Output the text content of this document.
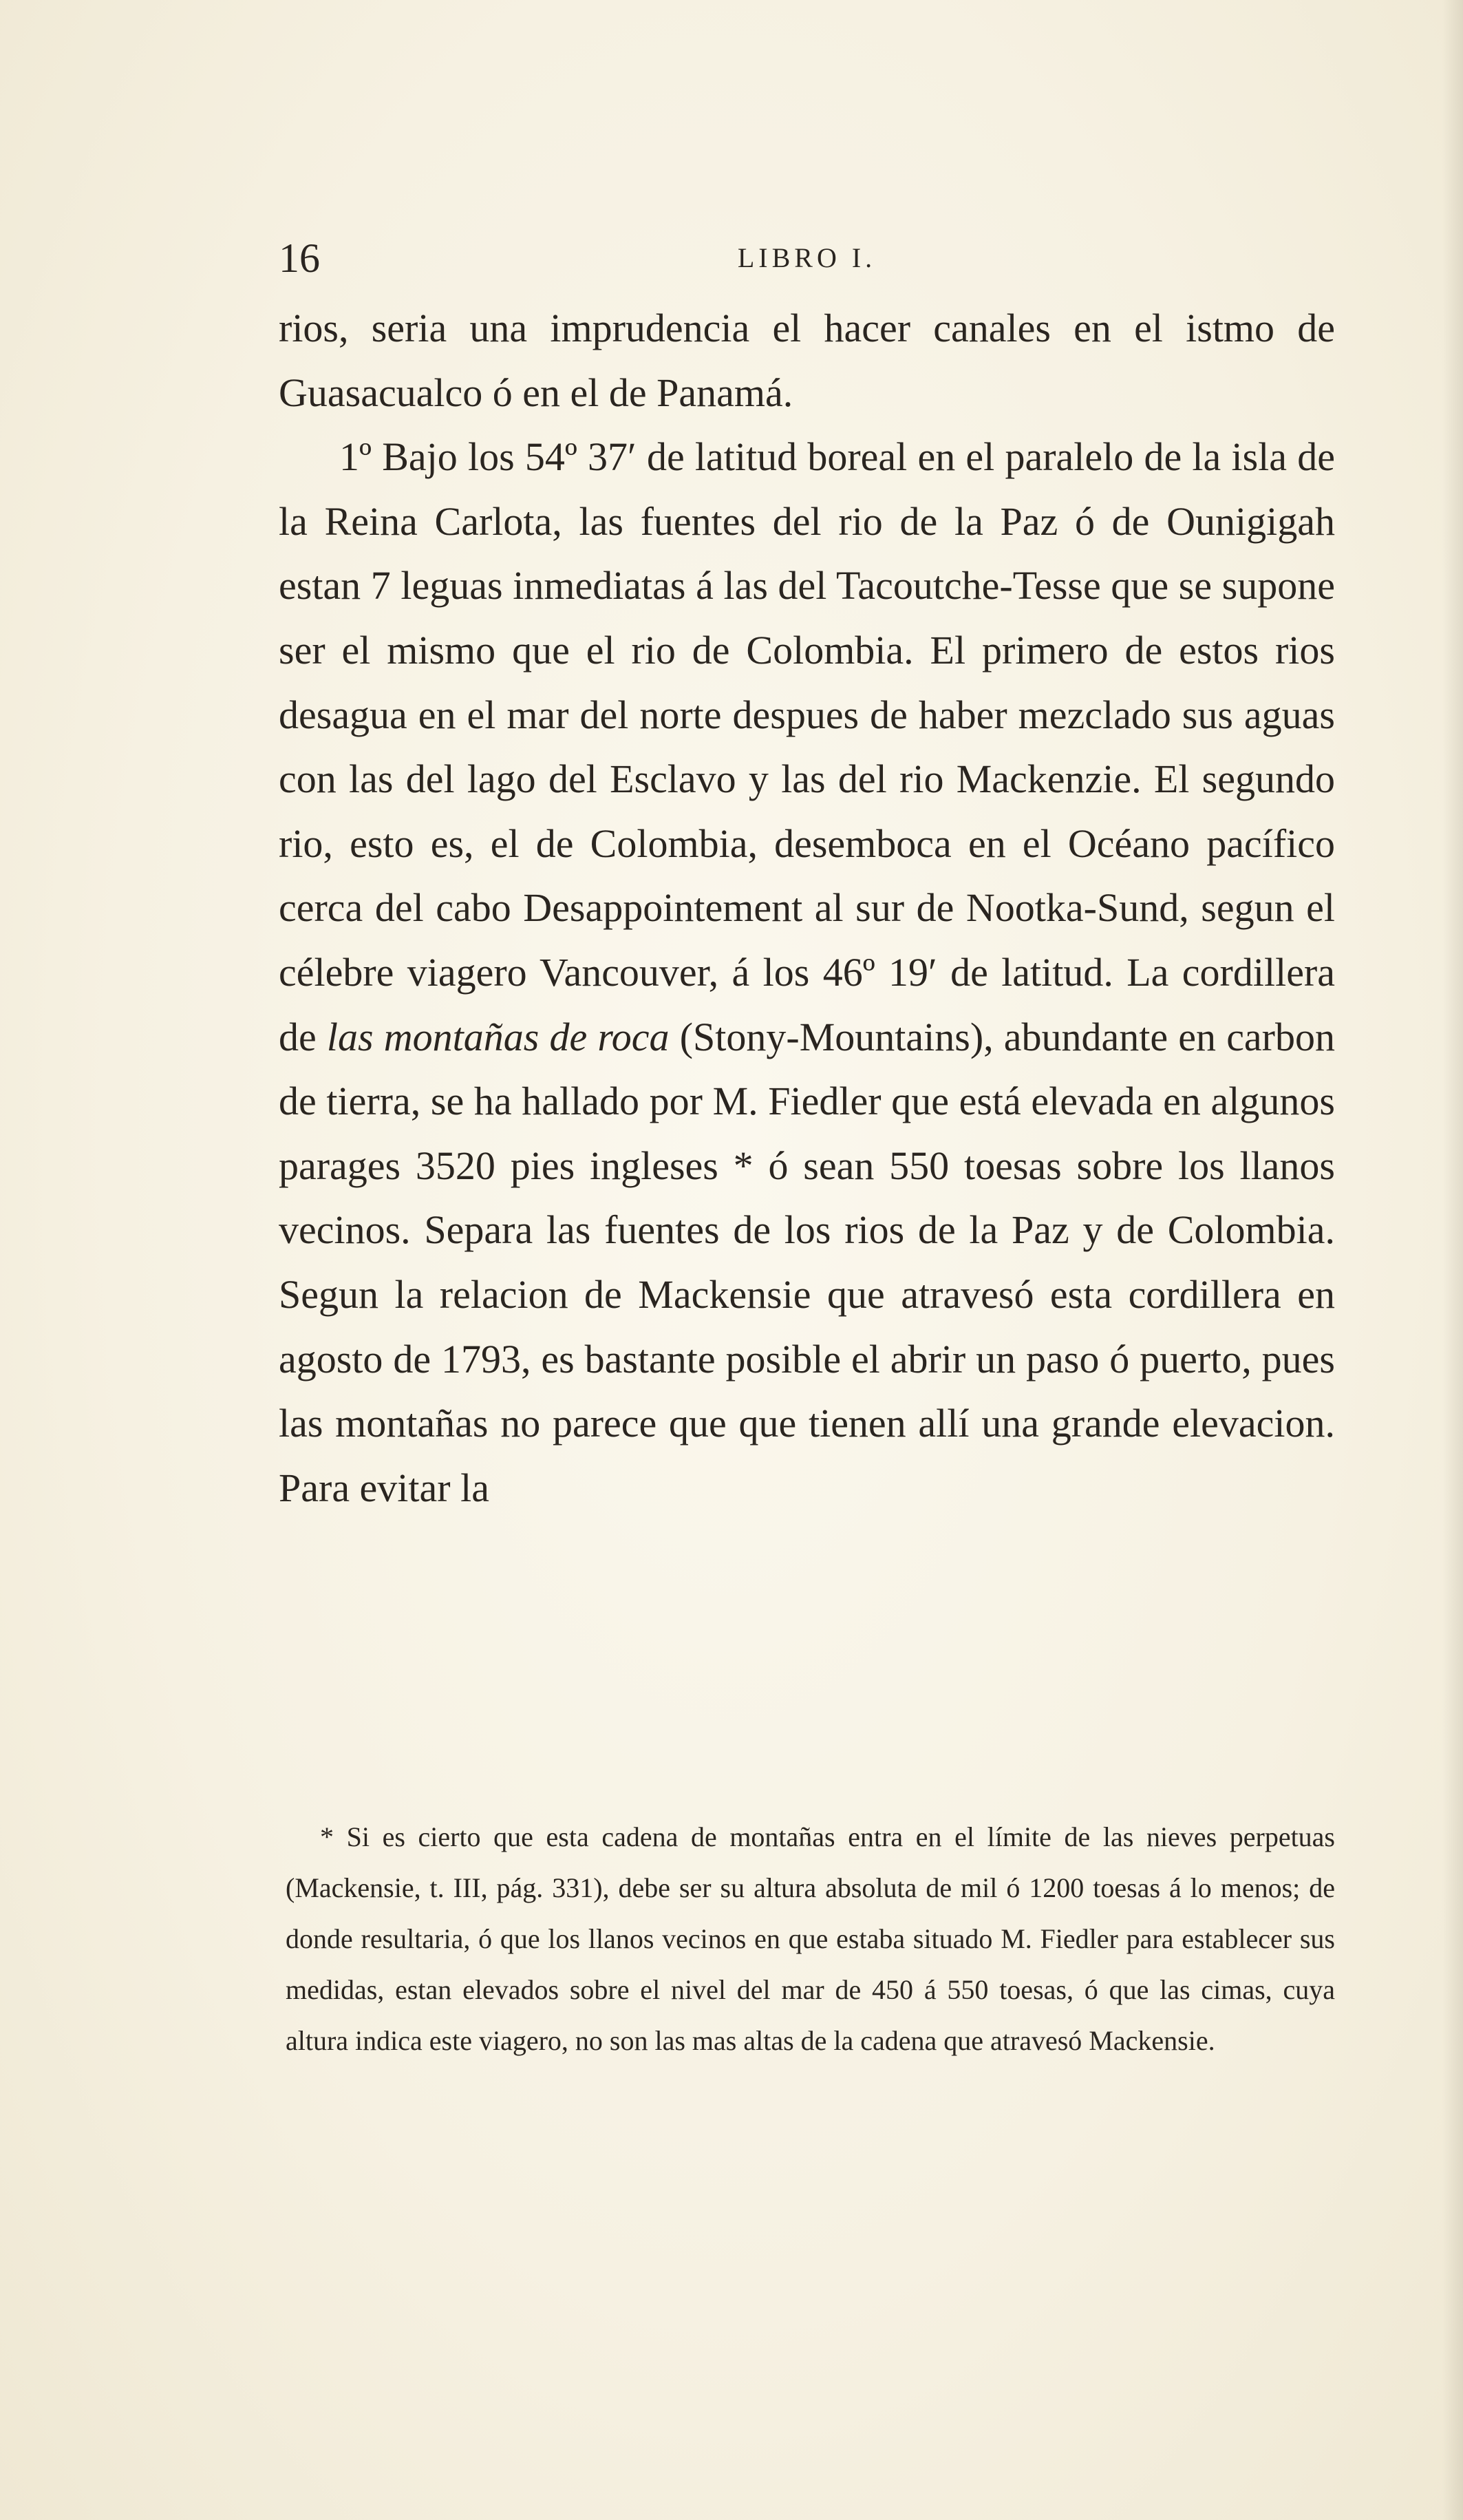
16	LIBRO I.

rios, seria una imprudencia el hacer canales en el istmo de Guasacualco ó en el de Panamá.

1º Bajo los 54º 37′ de latitud boreal en el paralelo de la isla de la Reina Carlota, las fuentes del rio de la Paz ó de Ounigigah estan 7 leguas inmediatas á las del Tacoutche-Tesse que se supone ser el mismo que el rio de Colombia. El primero de estos rios desagua en el mar del norte despues de haber mezclado sus aguas con las del lago del Esclavo y las del rio Mackenzie. El segundo rio, esto es, el de Colombia, desemboca en el Océano pacífico cerca del cabo Desappointement al sur de Nootka-Sund, segun el célebre viagero Vancouver, á los 46º 19′ de latitud. La cordillera de las montañas de roca (Stony-Mountains), abundante en carbon de tierra, se ha hallado por M. Fiedler que está elevada en algunos parages 3520 pies ingleses * ó sean 550 toesas sobre los llanos vecinos. Separa las fuentes de los rios de la Paz y de Colombia. Segun la relacion de Mackensie que atravesó esta cordillera en agosto de 1793, es bastante posible el abrir un paso ó puerto, pues las montañas no parece que que tienen allí una grande elevacion. Para evitar la

* Si es cierto que esta cadena de montañas entra en el límite de las nieves perpetuas (Mackensie, t. III, pág. 331), debe ser su altura absoluta de mil ó 1200 toesas á lo menos; de donde resultaria, ó que los llanos vecinos en que estaba situado M. Fiedler para establecer sus medidas, estan elevados sobre el nivel del mar de 450 á 550 toesas, ó que las cimas, cuya altura indica este viagero, no son las mas altas de la cadena que atravesó Mackensie.
